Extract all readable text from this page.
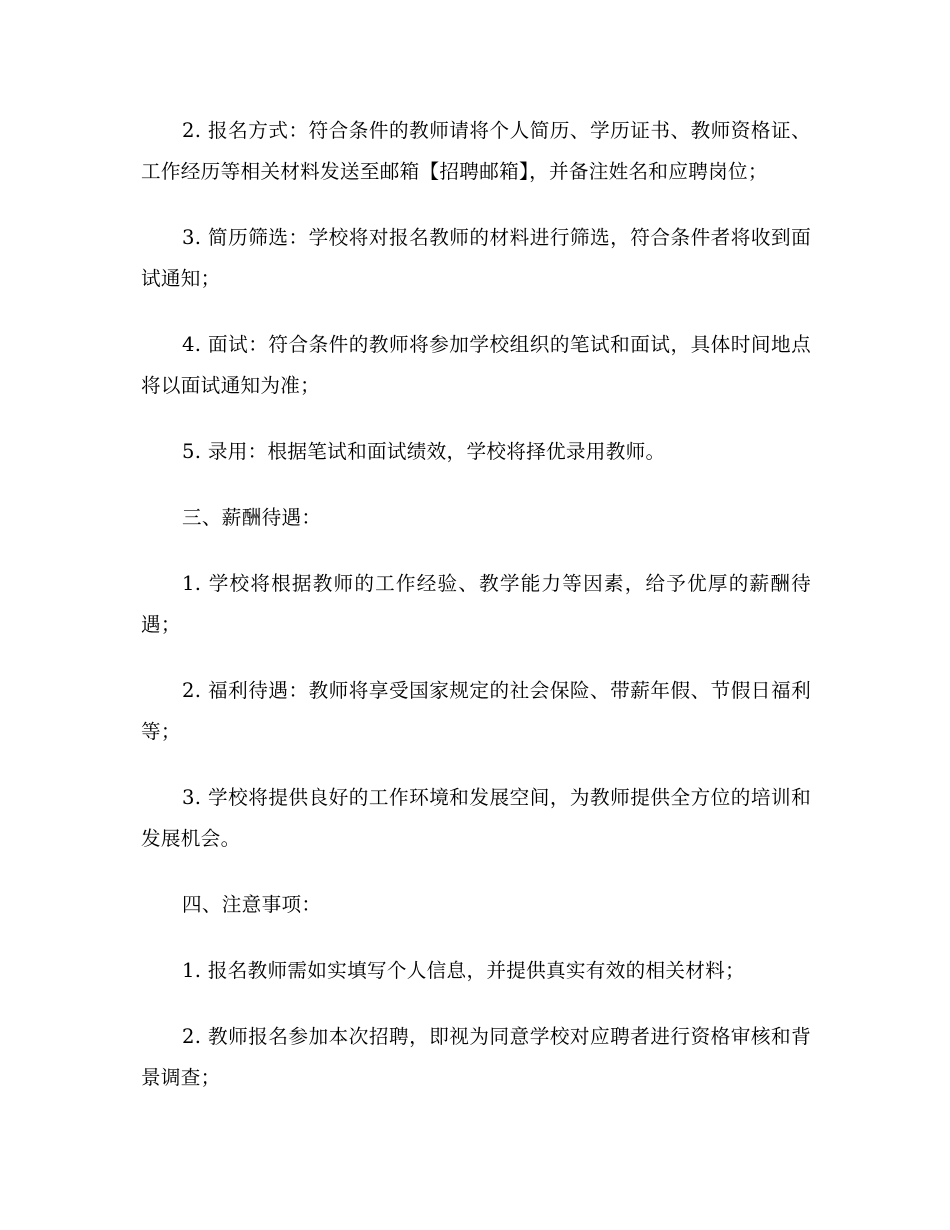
2. 报名方式：符合条件的教师请将个人简历、学历证书、教师资格证、工作经历等相关材料发送至邮箱【招聘邮箱】，并备注姓名和应聘岗位；

3. 简历筛选：学校将对报名教师的材料进行筛选，符合条件者将收到面试通知；

4. 面试：符合条件的教师将参加学校组织的笔试和面试，具体时间地点将以面试通知为准；

5. 录用：根据笔试和面试绩效，学校将择优录用教师。

三、薪酬待遇：

1. 学校将根据教师的工作经验、教学能力等因素，给予优厚的薪酬待遇；

2. 福利待遇：教师将享受国家规定的社会保险、带薪年假、节假日福利等；

3. 学校将提供良好的工作环境和发展空间，为教师提供全方位的培训和发展机会。

四、注意事项：

1. 报名教师需如实填写个人信息，并提供真实有效的相关材料；

2. 教师报名参加本次招聘，即视为同意学校对应聘者进行资格审核和背景调查；
